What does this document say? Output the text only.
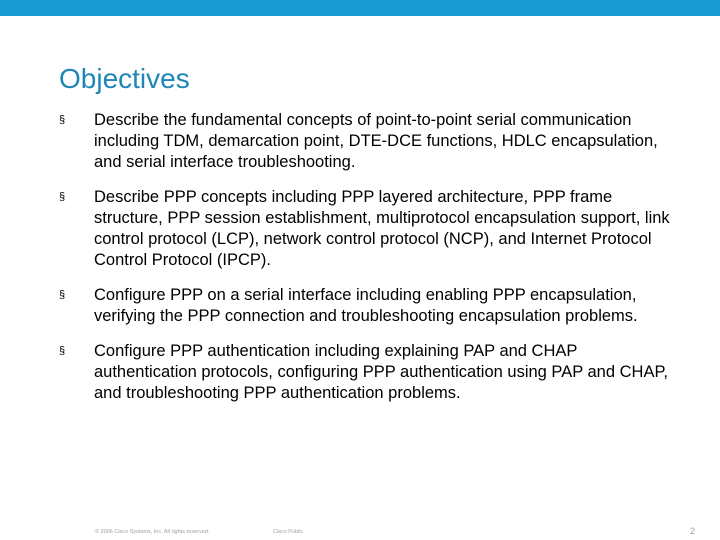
Objectives
§ Describe the fundamental concepts of point-to-point serial communication including TDM, demarcation point, DTE-DCE functions, HDLC encapsulation, and serial interface troubleshooting.
§ Describe PPP concepts including PPP layered architecture, PPP frame structure, PPP session establishment, multiprotocol encapsulation support, link control protocol (LCP), network control protocol (NCP), and Internet Protocol Control Protocol (IPCP).
§ Configure PPP on a serial interface including enabling PPP encapsulation, verifying the PPP connection and troubleshooting encapsulation problems.
§ Configure PPP authentication including explaining PAP and CHAP authentication protocols, configuring PPP authentication using PAP and CHAP, and troubleshooting PPP authentication problems.
© 2006 Cisco Systems, Inc. All rights reserved.	Cisco Public	2
